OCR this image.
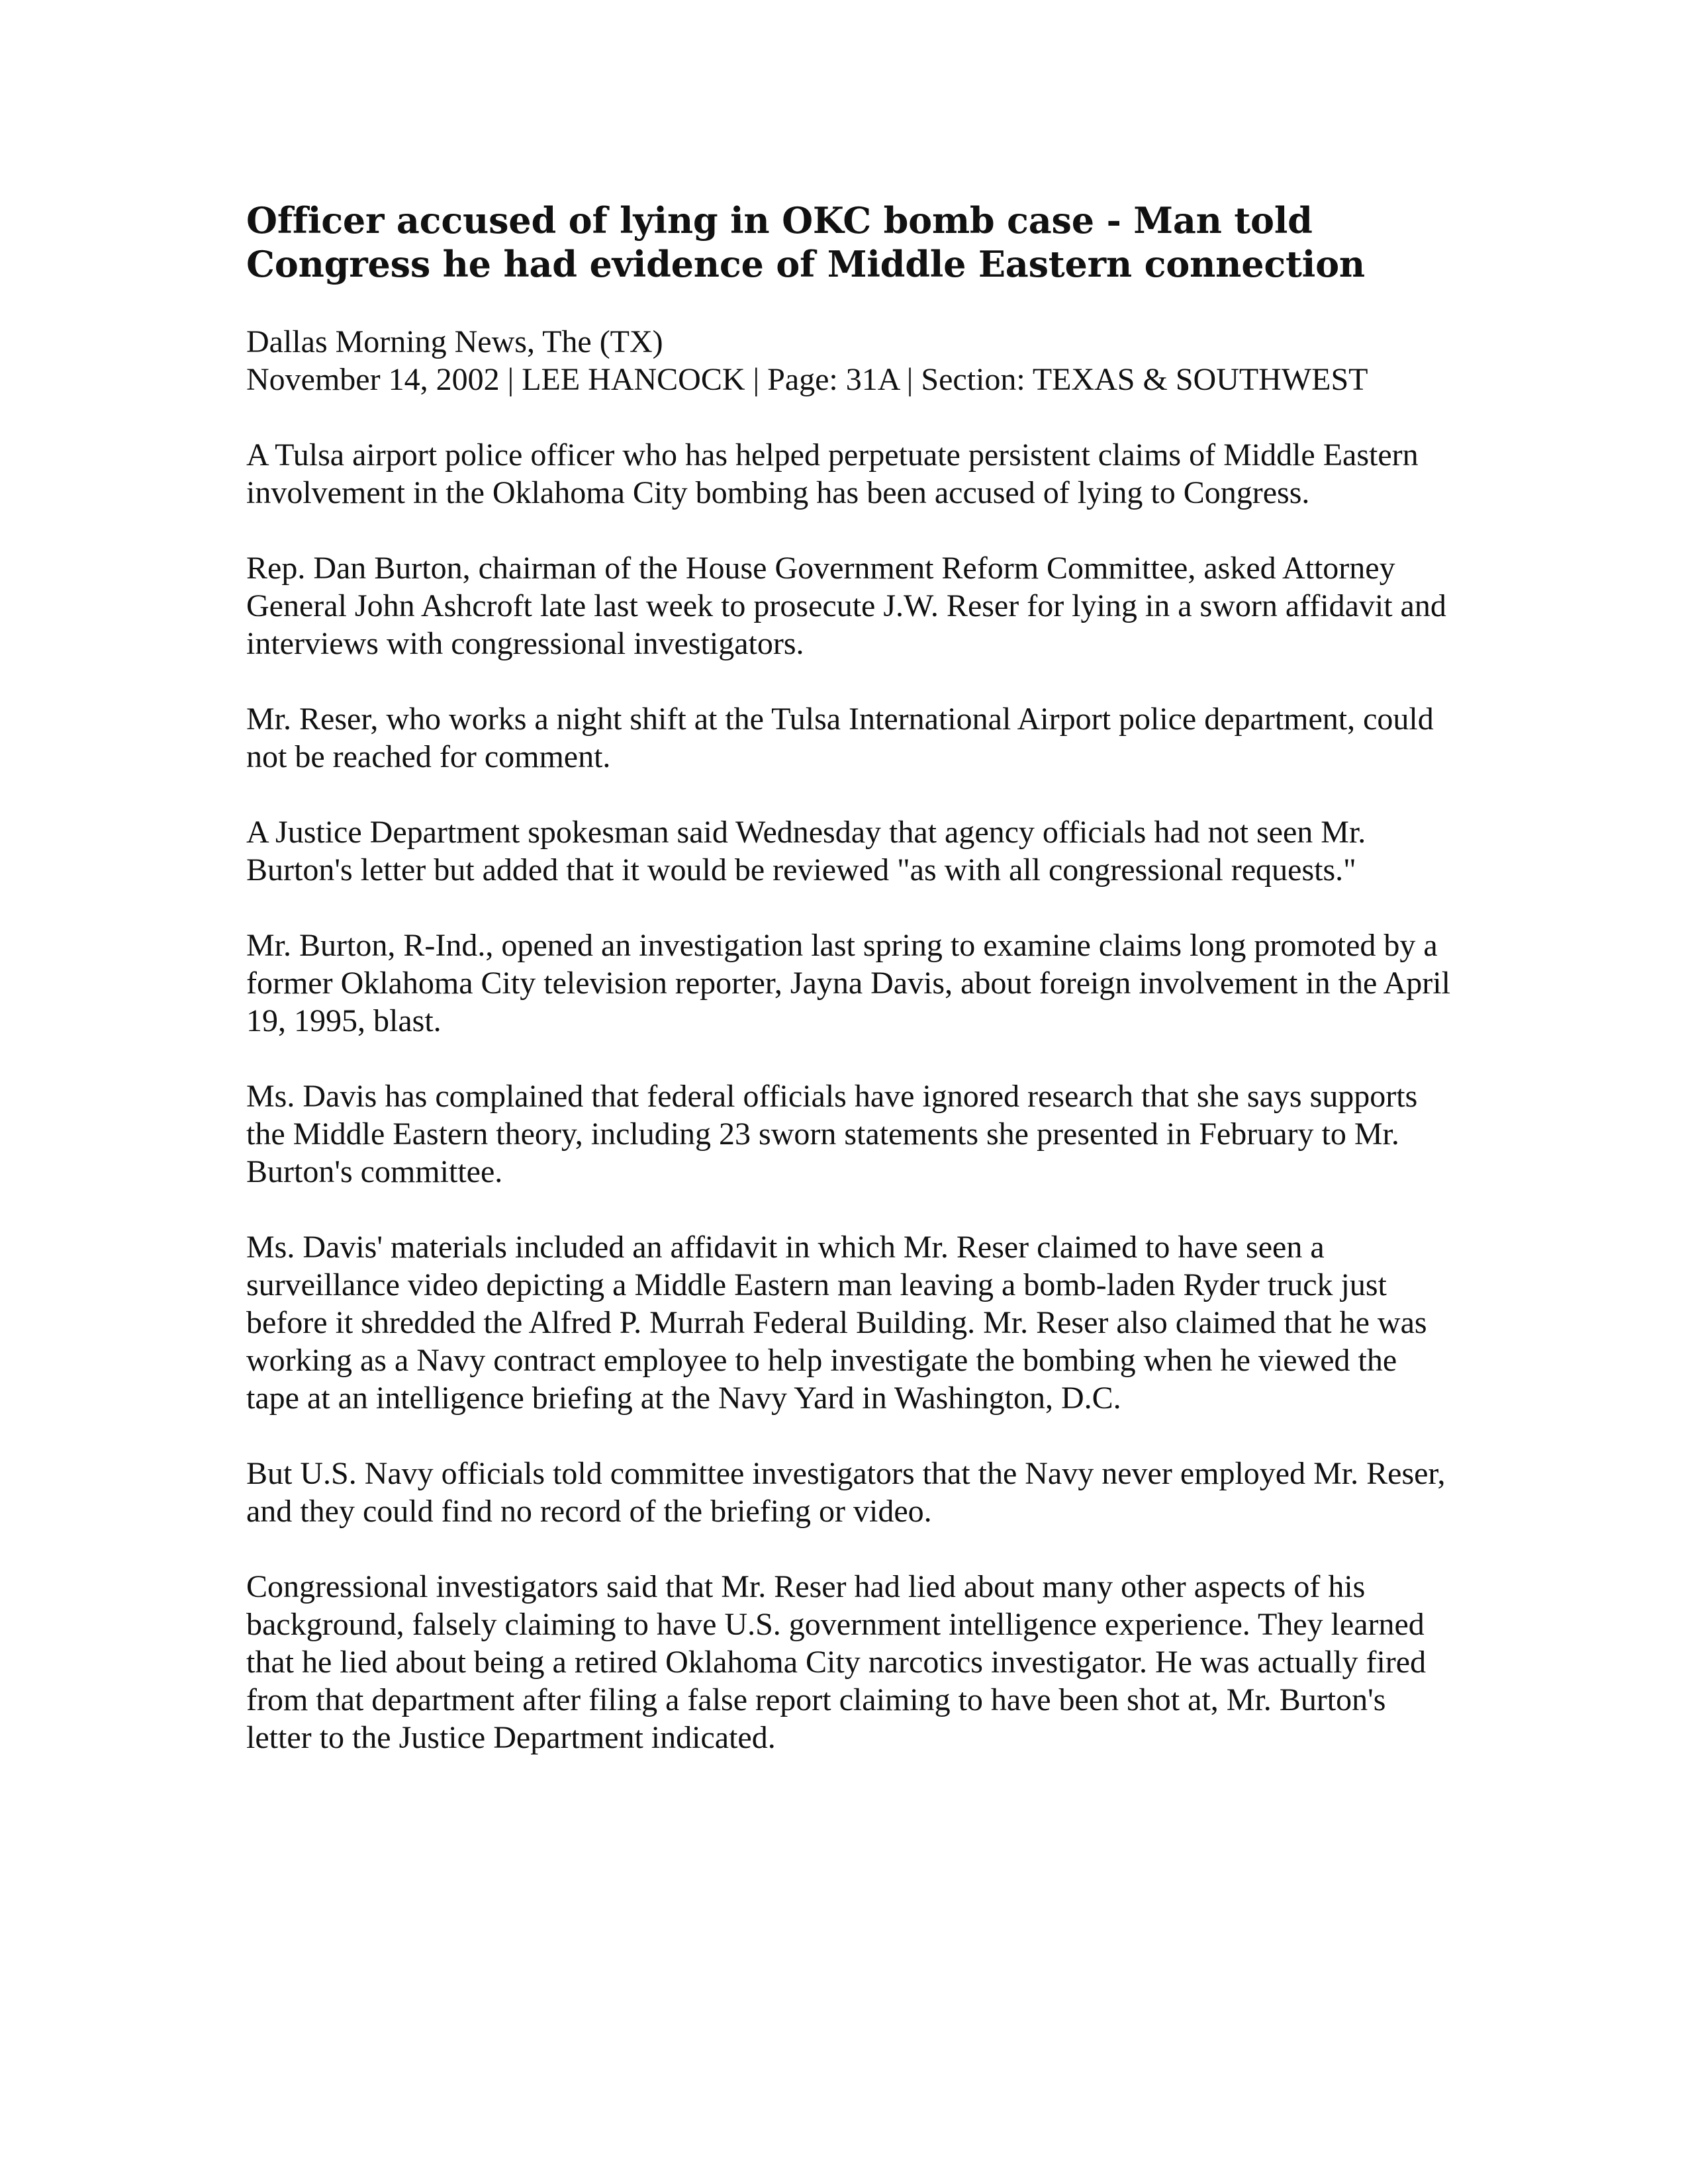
Officer accused of lying in OKC bomb case - Man told Congress he had evidence of Middle Eastern connection
Dallas Morning News, The (TX)
November 14, 2002 | LEE HANCOCK | Page: 31A | Section: TEXAS & SOUTHWEST

A Tulsa airport police officer who has helped perpetuate persistent claims of Middle Eastern involvement in the Oklahoma City bombing has been accused of lying to Congress.

Rep. Dan Burton, chairman of the House Government Reform Committee, asked Attorney General John Ashcroft late last week to prosecute J.W. Reser for lying in a sworn affidavit and interviews with congressional investigators.

Mr. Reser, who works a night shift at the Tulsa International Airport police department, could not be reached for comment.

A Justice Department spokesman said Wednesday that agency officials had not seen Mr. Burton's letter but added that it would be reviewed "as with all congressional requests."

Mr. Burton, R-Ind., opened an investigation last spring to examine claims long promoted by a former Oklahoma City television reporter, Jayna Davis, about foreign involvement in the April 19, 1995, blast.

Ms. Davis has complained that federal officials have ignored research that she says supports the Middle Eastern theory, including 23 sworn statements she presented in February to Mr. Burton's committee.

Ms. Davis' materials included an affidavit in which Mr. Reser claimed to have seen a surveillance video depicting a Middle Eastern man leaving a bomb-laden Ryder truck just before it shredded the Alfred P. Murrah Federal Building. Mr. Reser also claimed that he was working as a Navy contract employee to help investigate the bombing when he viewed the tape at an intelligence briefing at the Navy Yard in Washington, D.C.

But U.S. Navy officials told committee investigators that the Navy never employed Mr. Reser, and they could find no record of the briefing or video.

Congressional investigators said that Mr. Reser had lied about many other aspects of his background, falsely claiming to have U.S. government intelligence experience. They learned that he lied about being a retired Oklahoma City narcotics investigator. He was actually fired from that department after filing a false report claiming to have been shot at, Mr. Burton's letter to the Justice Department indicated.
